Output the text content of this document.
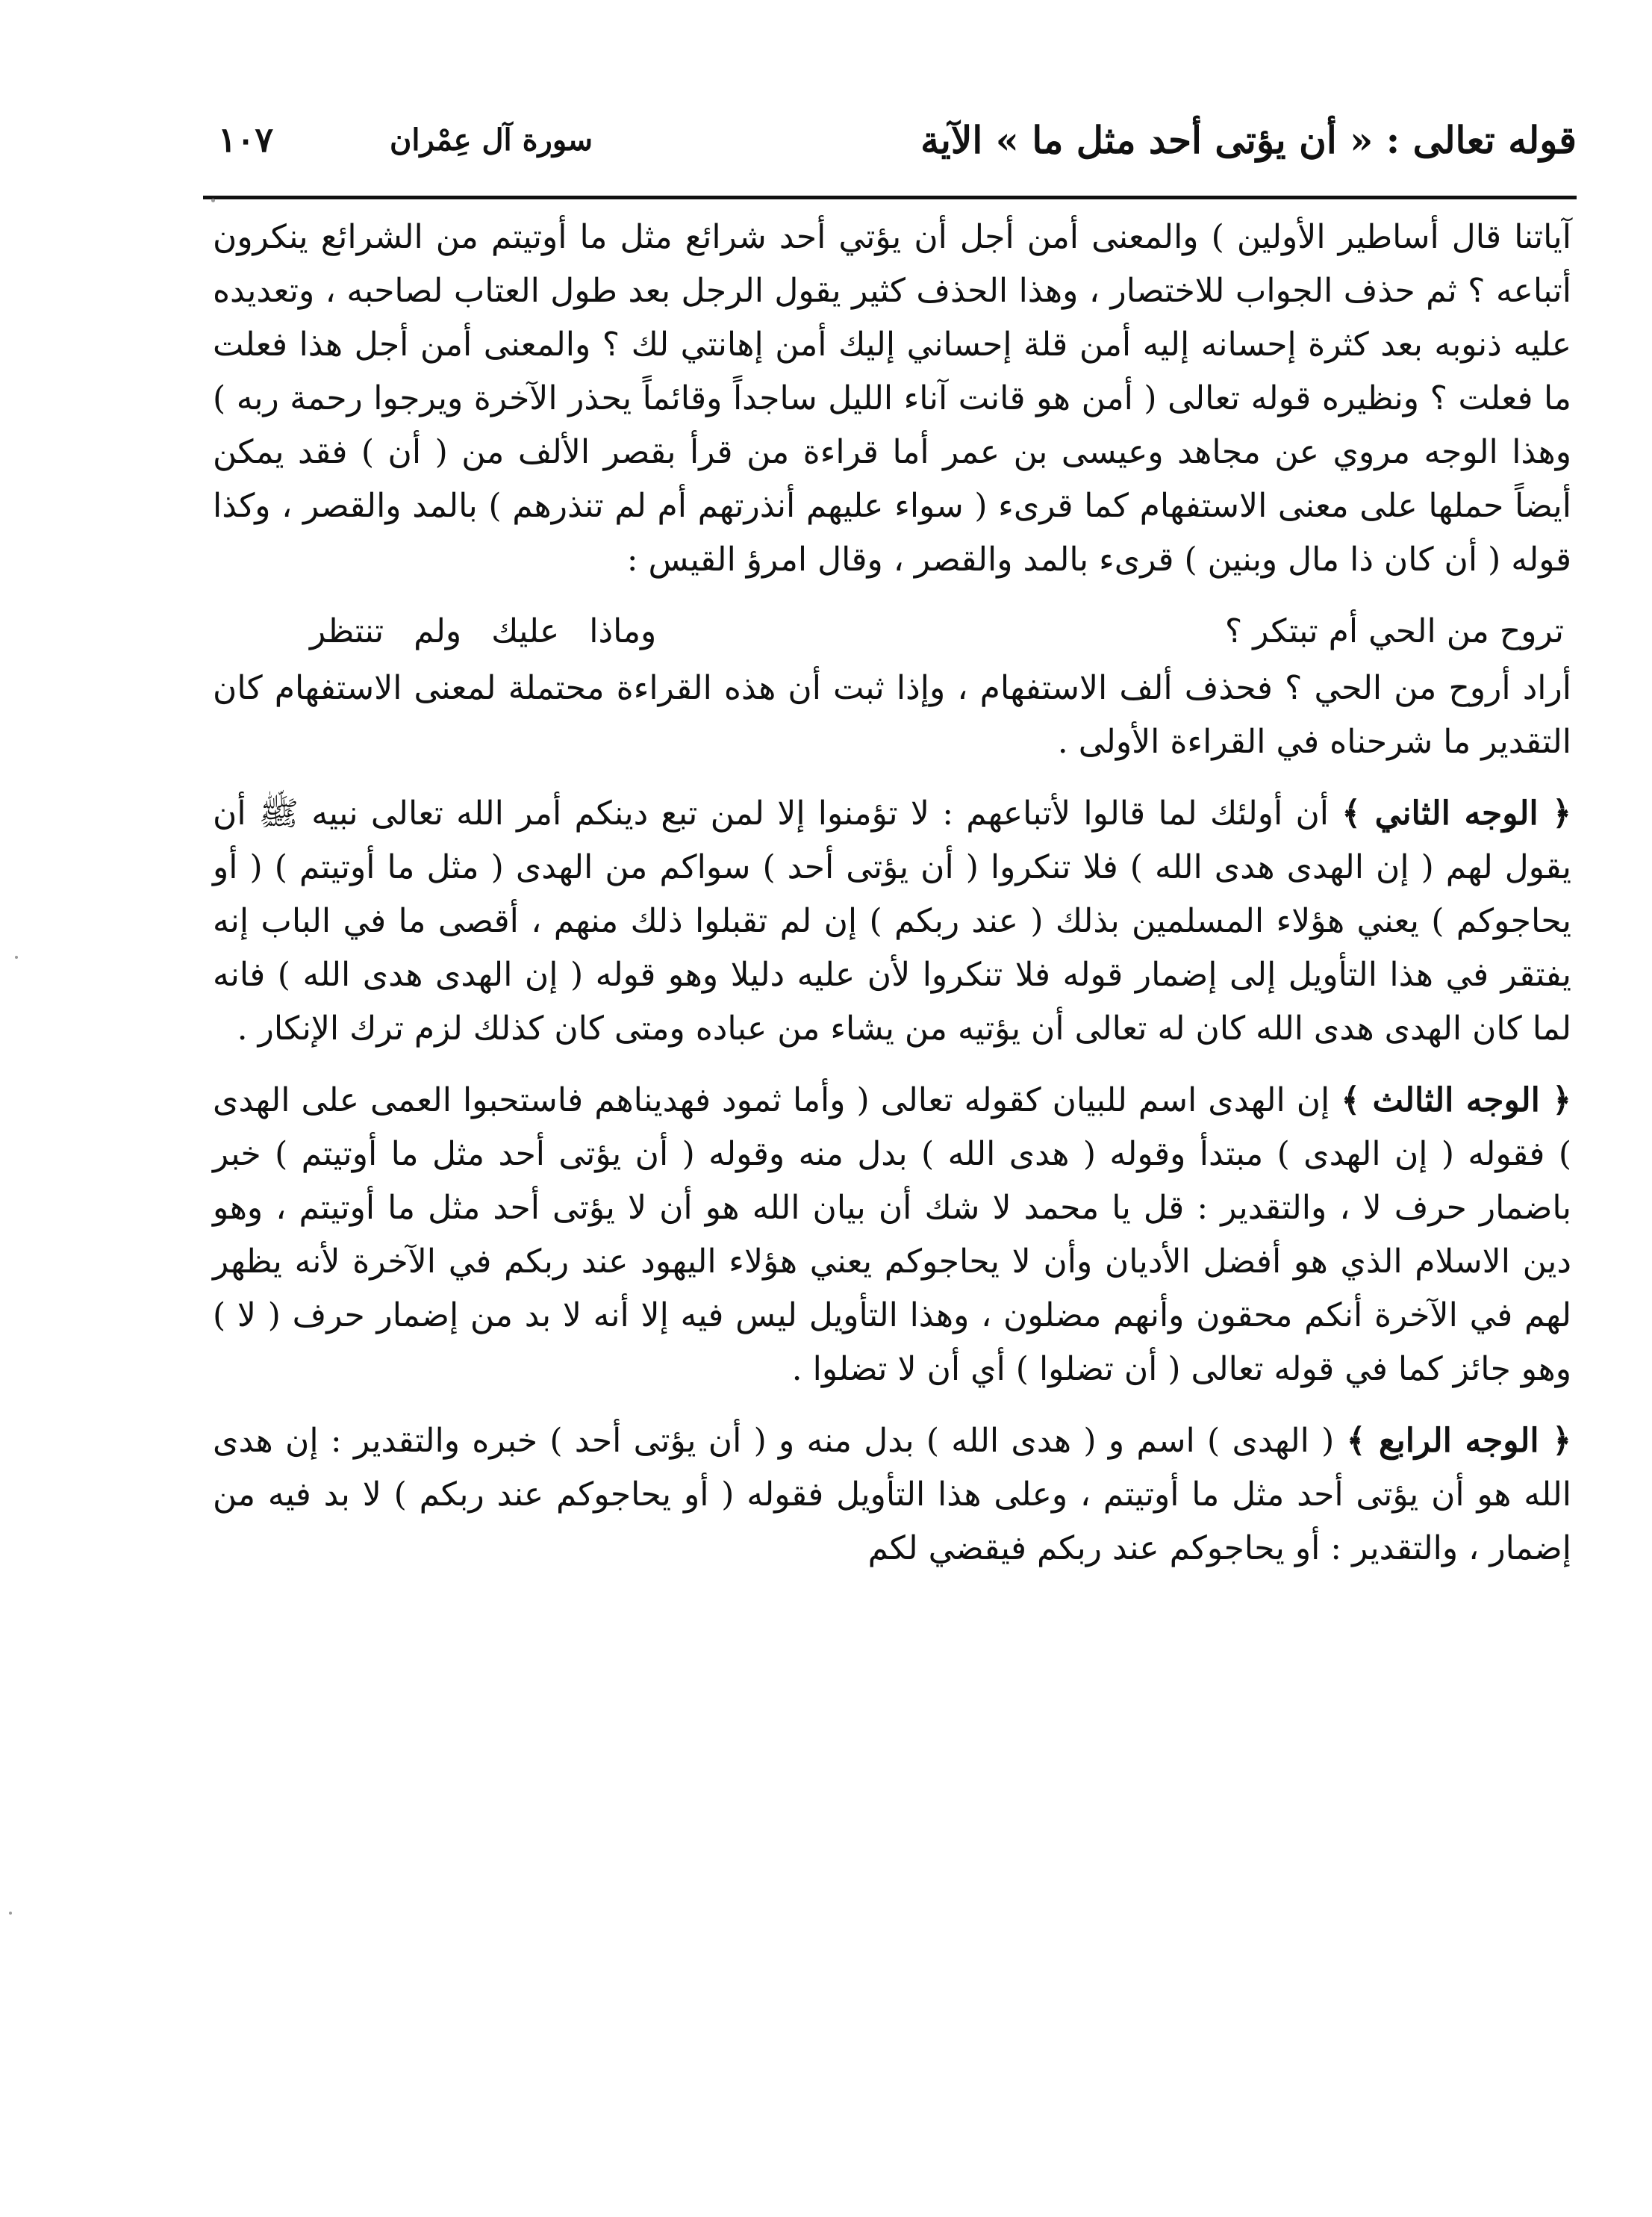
قوله تعالى : « أن يؤتى أحد مثل ما » الآية
سورة آل عِمْران
١٠٧

آياتنا قال أساطير الأولين ) والمعنى أمن أجل أن يؤتي أحد شرائع مثل ما أوتيتم من الشرائع ينكرون أتباعه ؟ ثم حذف الجواب للاختصار ، وهذا الحذف كثير يقول الرجل بعد طول العتاب لصاحبه ، وتعديده عليه ذنوبه بعد كثرة إحسانه إليه أمن قلة إحساني إليك أمن إهانتي لك ؟ والمعنى أمن أجل هذا فعلت ما فعلت ؟ ونظيره قوله تعالى ( أمن هو قانت آناء الليل ساجداً وقائماً يحذر الآخرة ويرجوا رحمة ربه ) وهذا الوجه مروي عن مجاهد وعيسى بن عمر أما قراءة من قرأ بقصر الألف من ( أن ) فقد يمكن أيضاً حملها على معنى الاستفهام كما قرىء ( سواء عليهم أنذرتهم أم لم تنذرهم ) بالمد والقصر ، وكذا قوله ( أن كان ذا مال وبنين ) قرىء بالمد والقصر ، وقال امرؤ القيس :

تروح من الحي أم تبتكر ؟
وماذا عليك ولم تنتظر

أراد أروح من الحي ؟ فحذف ألف الاستفهام ، وإذا ثبت أن هذه القراءة محتملة لمعنى الاستفهام كان التقدير ما شرحناه في القراءة الأولى .

﴿ الوجه الثاني ﴾ أن أولئك لما قالوا لأتباعهم : لا تؤمنوا إلا لمن تبع دينكم أمر الله تعالى نبيه ﷺ أن يقول لهم ( إن الهدى هدى الله ) فلا تنكروا ( أن يؤتى أحد ) سواكم من الهدى ( مثل ما أوتيتم ) ( أو يحاجوكم ) يعني هؤلاء المسلمين بذلك ( عند ربكم ) إن لم تقبلوا ذلك منهم ، أقصى ما في الباب إنه يفتقر في هذا التأويل إلى إضمار قوله فلا تنكروا لأن عليه دليلا وهو قوله ( إن الهدى هدى الله ) فانه لما كان الهدى هدى الله كان له تعالى أن يؤتيه من يشاء من عباده ومتى كان كذلك لزم ترك الإنكار .

﴿ الوجه الثالث ﴾ إن الهدى اسم للبيان كقوله تعالى ( وأما ثمود فهديناهم فاستحبوا العمى على الهدى ) فقوله ( إن الهدى ) مبتدأ وقوله ( هدى الله ) بدل منه وقوله ( أن يؤتى أحد مثل ما أوتيتم ) خبر باضمار حرف لا ، والتقدير : قل يا محمد لا شك أن بيان الله هو أن لا يؤتى أحد مثل ما أوتيتم ، وهو دين الاسلام الذي هو أفضل الأديان وأن لا يحاجوكم يعني هؤلاء اليهود عند ربكم في الآخرة لأنه يظهر لهم في الآخرة أنكم محقون وأنهم مضلون ، وهذا التأويل ليس فيه إلا أنه لا بد من إضمار حرف ( لا ) وهو جائز كما في قوله تعالى ( أن تضلوا ) أي أن لا تضلوا .

﴿ الوجه الرابع ﴾ ( الهدى ) اسم و ( هدى الله ) بدل منه و ( أن يؤتى أحد ) خبره والتقدير : إن هدى الله هو أن يؤتى أحد مثل ما أوتيتم ، وعلى هذا التأويل فقوله ( أو يحاجوكم عند ربكم ) لا بد فيه من إضمار ، والتقدير : أو يحاجوكم عند ربكم فيقضي لكم
